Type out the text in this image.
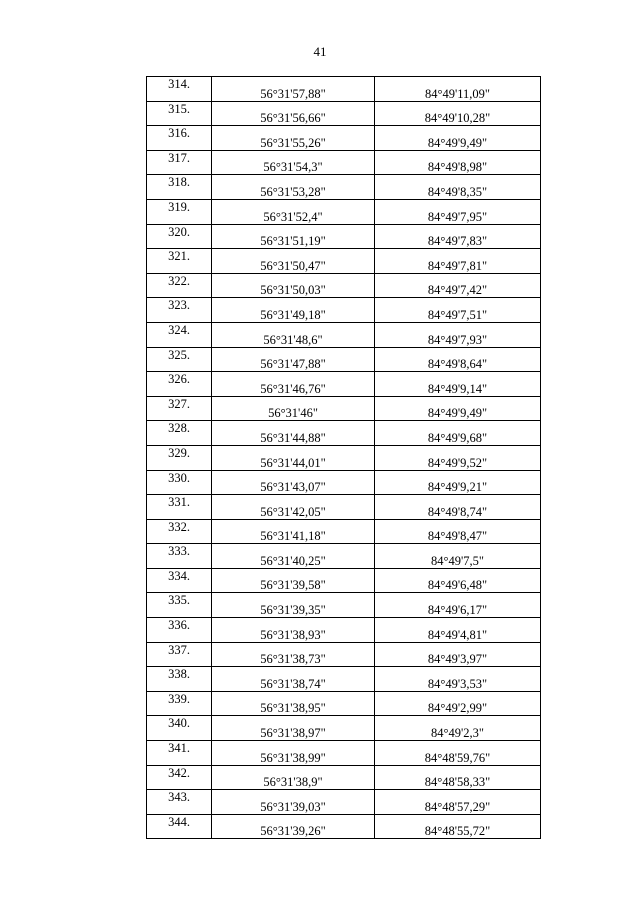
41
314.	56°31'57,88"	84°49'11,09"
315.	56°31'56,66"	84°49'10,28"
316.	56°31'55,26"	84°49'9,49"
317.	56°31'54,3"	84°49'8,98"
318.	56°31'53,28"	84°49'8,35"
319.	56°31'52,4"	84°49'7,95"
320.	56°31'51,19"	84°49'7,83"
321.	56°31'50,47"	84°49'7,81"
322.	56°31'50,03"	84°49'7,42"
323.	56°31'49,18"	84°49'7,51"
324.	56°31'48,6"	84°49'7,93"
325.	56°31'47,88"	84°49'8,64"
326.	56°31'46,76"	84°49'9,14"
327.	56°31'46"	84°49'9,49"
328.	56°31'44,88"	84°49'9,68"
329.	56°31'44,01"	84°49'9,52"
330.	56°31'43,07"	84°49'9,21"
331.	56°31'42,05"	84°49'8,74"
332.	56°31'41,18"	84°49'8,47"
333.	56°31'40,25"	84°49'7,5"
334.	56°31'39,58"	84°49'6,48"
335.	56°31'39,35"	84°49'6,17"
336.	56°31'38,93"	84°49'4,81"
337.	56°31'38,73"	84°49'3,97"
338.	56°31'38,74"	84°49'3,53"
339.	56°31'38,95"	84°49'2,99"
340.	56°31'38,97"	84°49'2,3"
341.	56°31'38,99"	84°48'59,76"
342.	56°31'38,9"	84°48'58,33"
343.	56°31'39,03"	84°48'57,29"
344.	56°31'39,26"	84°48'55,72"
